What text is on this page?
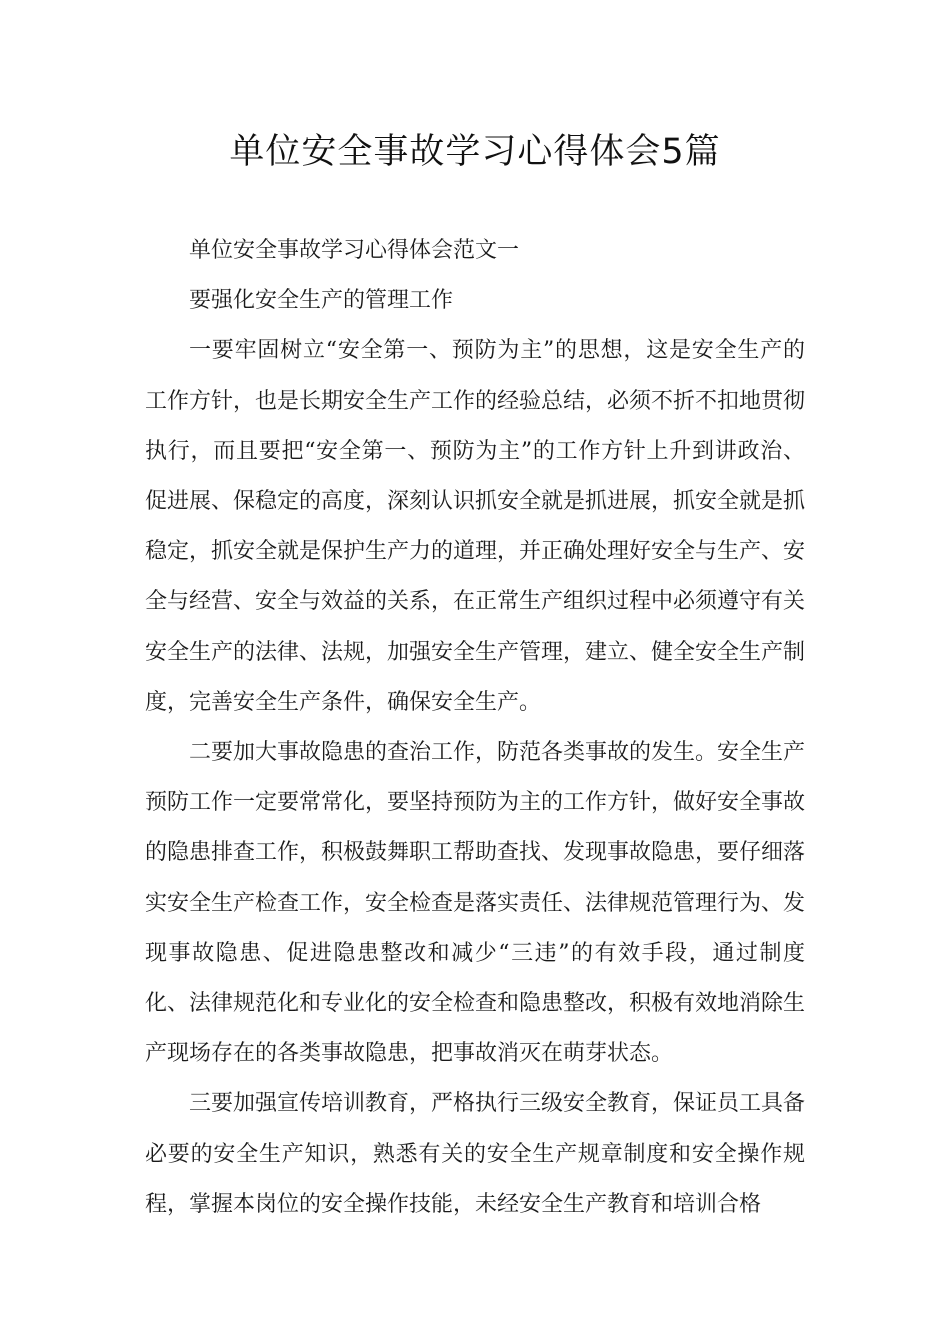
单位安全事故学习心得体会5篇

单位安全事故学习心得体会范文一

要强化安全生产的管理工作

一要牢固树立“安全第一、预防为主”的思想，这是安全生产的工作方针，也是长期安全生产工作的经验总结，必须不折不扣地贯彻执行，而且要把“安全第一、预防为主”的工作方针上升到讲政治、促进展、保稳定的高度，深刻认识抓安全就是抓进展，抓安全就是抓稳定，抓安全就是保护生产力的道理，并正确处理好安全与生产、安全与经营、安全与效益的关系，在正常生产组织过程中必须遵守有关安全生产的法律、法规，加强安全生产管理，建立、健全安全生产制度，完善安全生产条件，确保安全生产。

二要加大事故隐患的查治工作，防范各类事故的发生。安全生产预防工作一定要常常化，要坚持预防为主的工作方针，做好安全事故的隐患排查工作，积极鼓舞职工帮助查找、发现事故隐患，要仔细落实安全生产检查工作，安全检查是落实责任、法律规范管理行为、发现事故隐患、促进隐患整改和减少“三违”的有效手段，通过制度化、法律规范化和专业化的安全检查和隐患整改，积极有效地消除生产现场存在的各类事故隐患，把事故消灭在萌芽状态。

三要加强宣传培训教育，严格执行三级安全教育，保证员工具备必要的安全生产知识，熟悉有关的安全生产规章制度和安全操作规程，掌握本岗位的安全操作技能，未经安全生产教育和培训合格
